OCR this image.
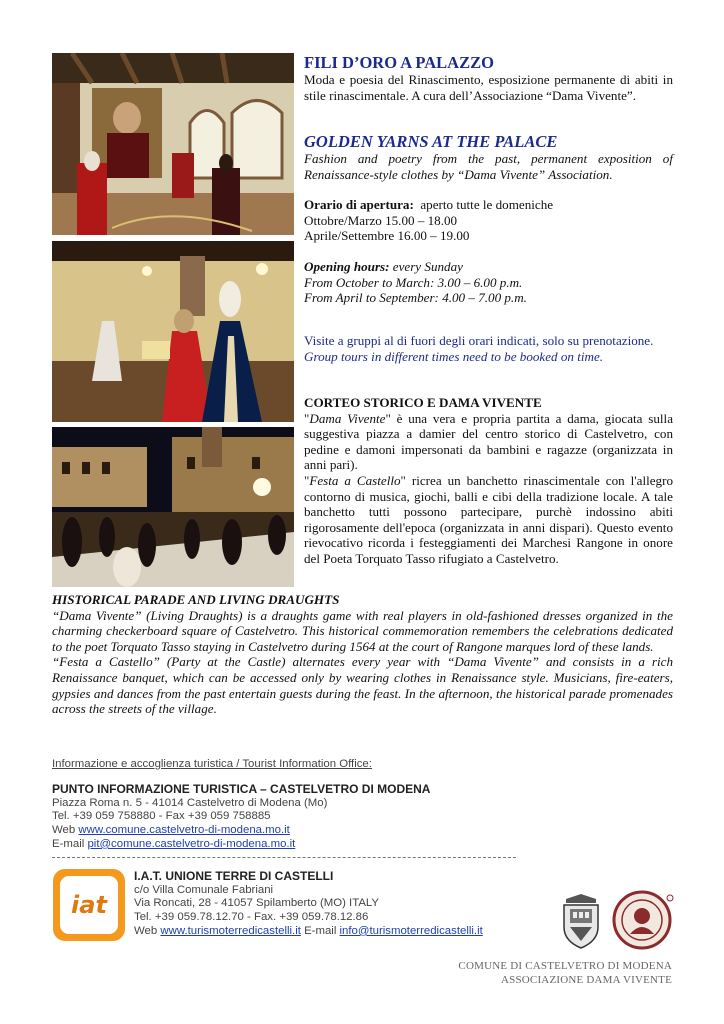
FILI D’ORO A PALAZZO

Moda e poesia del Rinascimento, esposizione permanente di abiti in stile rinascimentale. A cura dell’Associazione “Dama Vivente”.

GOLDEN YARNS AT THE PALACE

Fashion and poetry from the past, permanent exposition of Renaissance-style clothes by “Dama Vivente” Association.

Orario di apertura: aperto tutte le domeniche

Ottobre/Marzo 15.00 – 18.00

Aprile/Settembre 16.00 – 19.00

Opening hours: every Sunday

From October to March: 3.00 – 6.00 p.m.

From April to September: 4.00 – 7.00 p.m.

Visite a gruppi al di fuori degli orari indicati, solo su prenotazione.

Group tours in different times need to be booked on time.

CORTEO STORICO E DAMA VIVENTE

"Dama Vivente" è una vera e propria partita a dama, giocata sulla suggestiva piazza a damier del centro storico di Castelvetro, con pedine e damoni impersonati da bambini e ragazze (organizzata in anni pari).

"Festa a Castello" ricrea un banchetto rinascimentale con l'allegro contorno di musica, giochi, balli e cibi della tradizione locale. A tale banchetto tutti possono partecipare, purchè indossino abiti rigorosamente dell'epoca (organizzata in anni dispari). Questo evento rievocativo ricorda i festeggiamenti dei Marchesi Rangone in onore del Poeta Torquato Tasso rifugiato a Castelvetro.

HISTORICAL PARADE AND LIVING DRAUGHTS

“Dama Vivente” (Living Draughts) is a draughts game with real players in old-fashioned dresses organized in the charming checkerboard square of Castelvetro. This historical commemoration remembers the celebrations dedicated to the poet Torquato Tasso staying in Castelvetro during 1564 at the court of Rangone marques lord of these lands.

“Festa a Castello” (Party at the Castle) alternates every year with “Dama Vivente” and consists in a rich Renaissance banquet, which can be accessed only by wearing clothes in Renaissance style. Musicians, fire-eaters, gypsies and dances from the past entertain guests during the feast. In the afternoon, the historical parade promenades across the streets of the village.

Informazione e accoglienza turistica / Tourist Information Office:
PUNTO INFORMAZIONE TURISTICA – CASTELVETRO DI MODENA
Piazza Roma n. 5 - 41014 Castelvetro di Modena (Mo)
Tel. +39 059 758880 - Fax +39 059 758885
Web www.comune.castelvetro-di-modena.mo.it
E-mail pit@comune.castelvetro-di-modena.mo.it
iat
I.A.T. UNIONE TERRE DI CASTELLI
c/o Villa Comunale Fabriani
Via Roncati, 28 - 41057 Spilamberto (MO) ITALY
Tel. +39 059.78.12.70 - Fax. +39 059.78.12.86
Web www.turismoterredicastelli.it E-mail info@turismoterredicastelli.it
COMUNE DI CASTELVETRO DI MODENA
ASSOCIAZIONE DAMA VIVENTE
